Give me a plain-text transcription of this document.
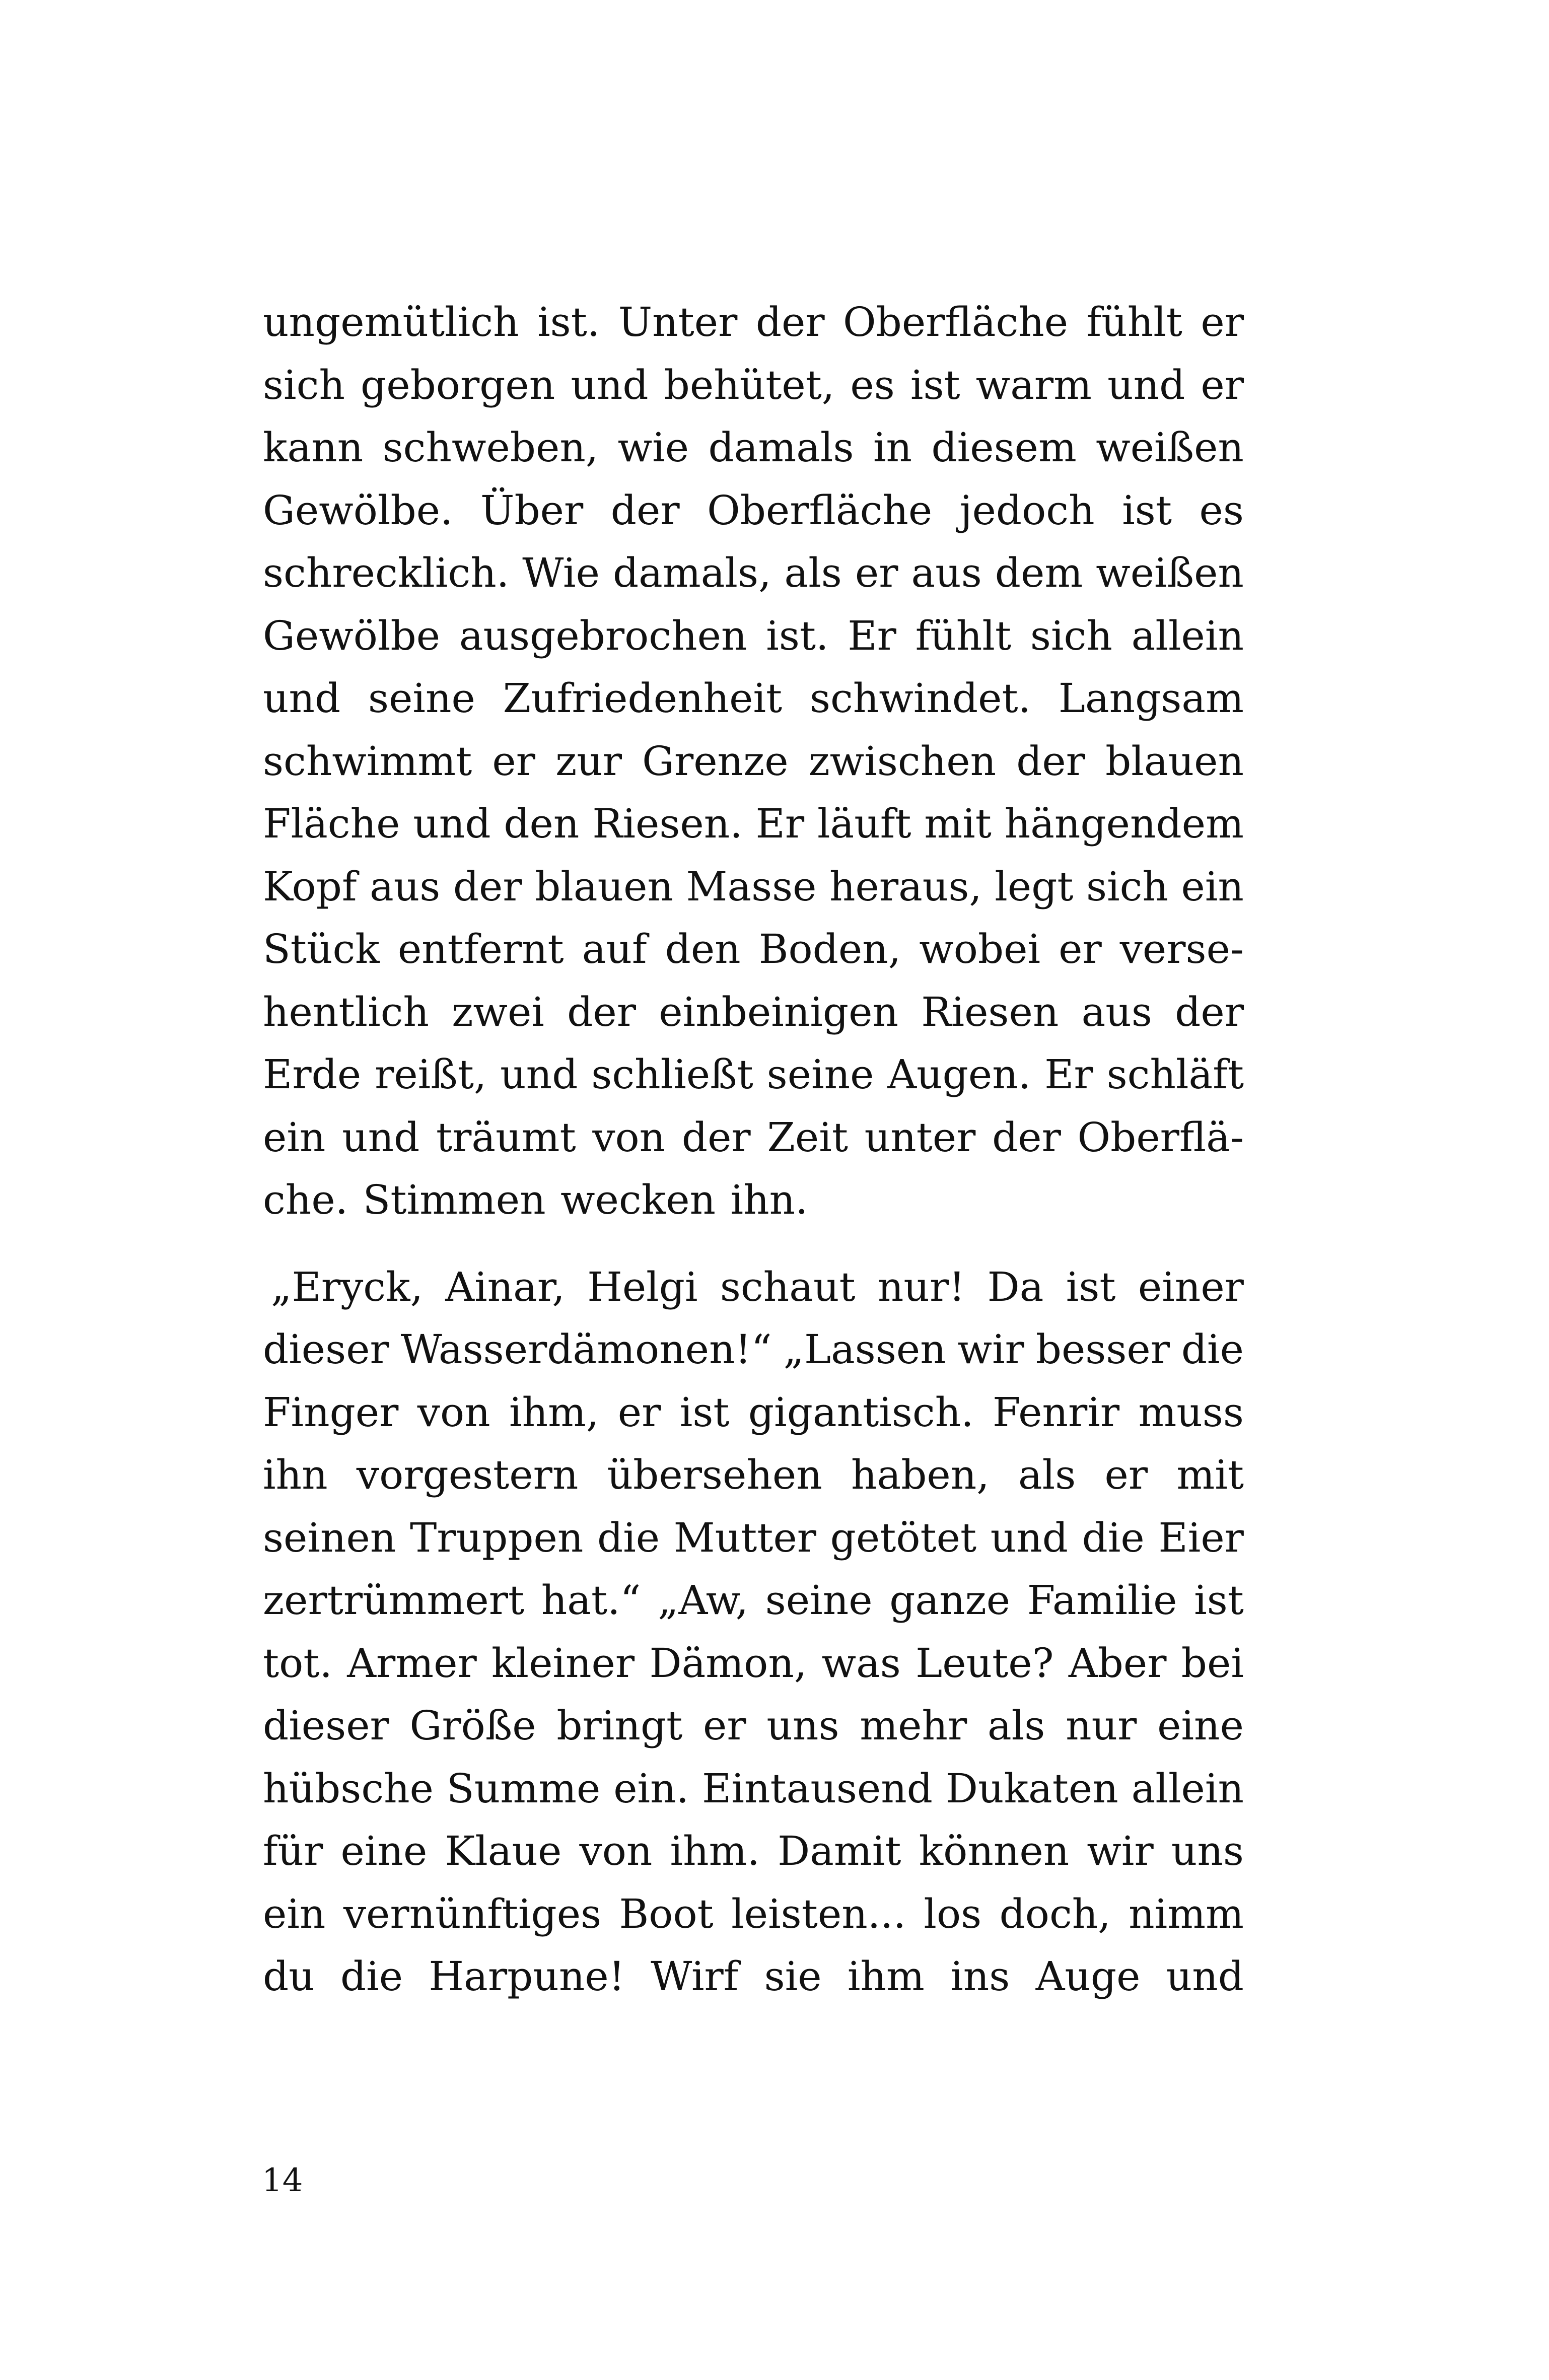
ungemütlich ist. Unter der Oberfläche fühlt er
sich geborgen und behütet, es ist warm und er
kann schweben, wie damals in diesem weißen
Gewölbe. Über der Oberfläche jedoch ist es
schrecklich. Wie damals, als er aus dem weißen
Gewölbe ausgebrochen ist. Er fühlt sich allein
und seine Zufriedenheit schwindet. Langsam
schwimmt er zur Grenze zwischen der blauen
Fläche und den Riesen. Er läuft mit hängendem
Kopf aus der blauen Masse heraus, legt sich ein
Stück entfernt auf den Boden, wobei er verse-
hentlich zwei der einbeinigen Riesen aus der
Erde reißt, und schließt seine Augen. Er schläft
ein und träumt von der Zeit unter der Oberflä-
che. Stimmen wecken ihn.
„Eryck, Ainar, Helgi schaut nur! Da ist einer
dieser Wasserdämonen!“ „Lassen wir besser die
Finger von ihm, er ist gigantisch. Fenrir muss
ihn vorgestern übersehen haben, als er mit
seinen Truppen die Mutter getötet und die Eier
zertrümmert hat.“ „Aw, seine ganze Familie ist
tot. Armer kleiner Dämon, was Leute? Aber bei
dieser Größe bringt er uns mehr als nur eine
hübsche Summe ein. Eintausend Dukaten allein
für eine Klaue von ihm. Damit können wir uns
ein vernünftiges Boot leisten... los doch, nimm
du die Harpune! Wirf sie ihm ins Auge und
14
